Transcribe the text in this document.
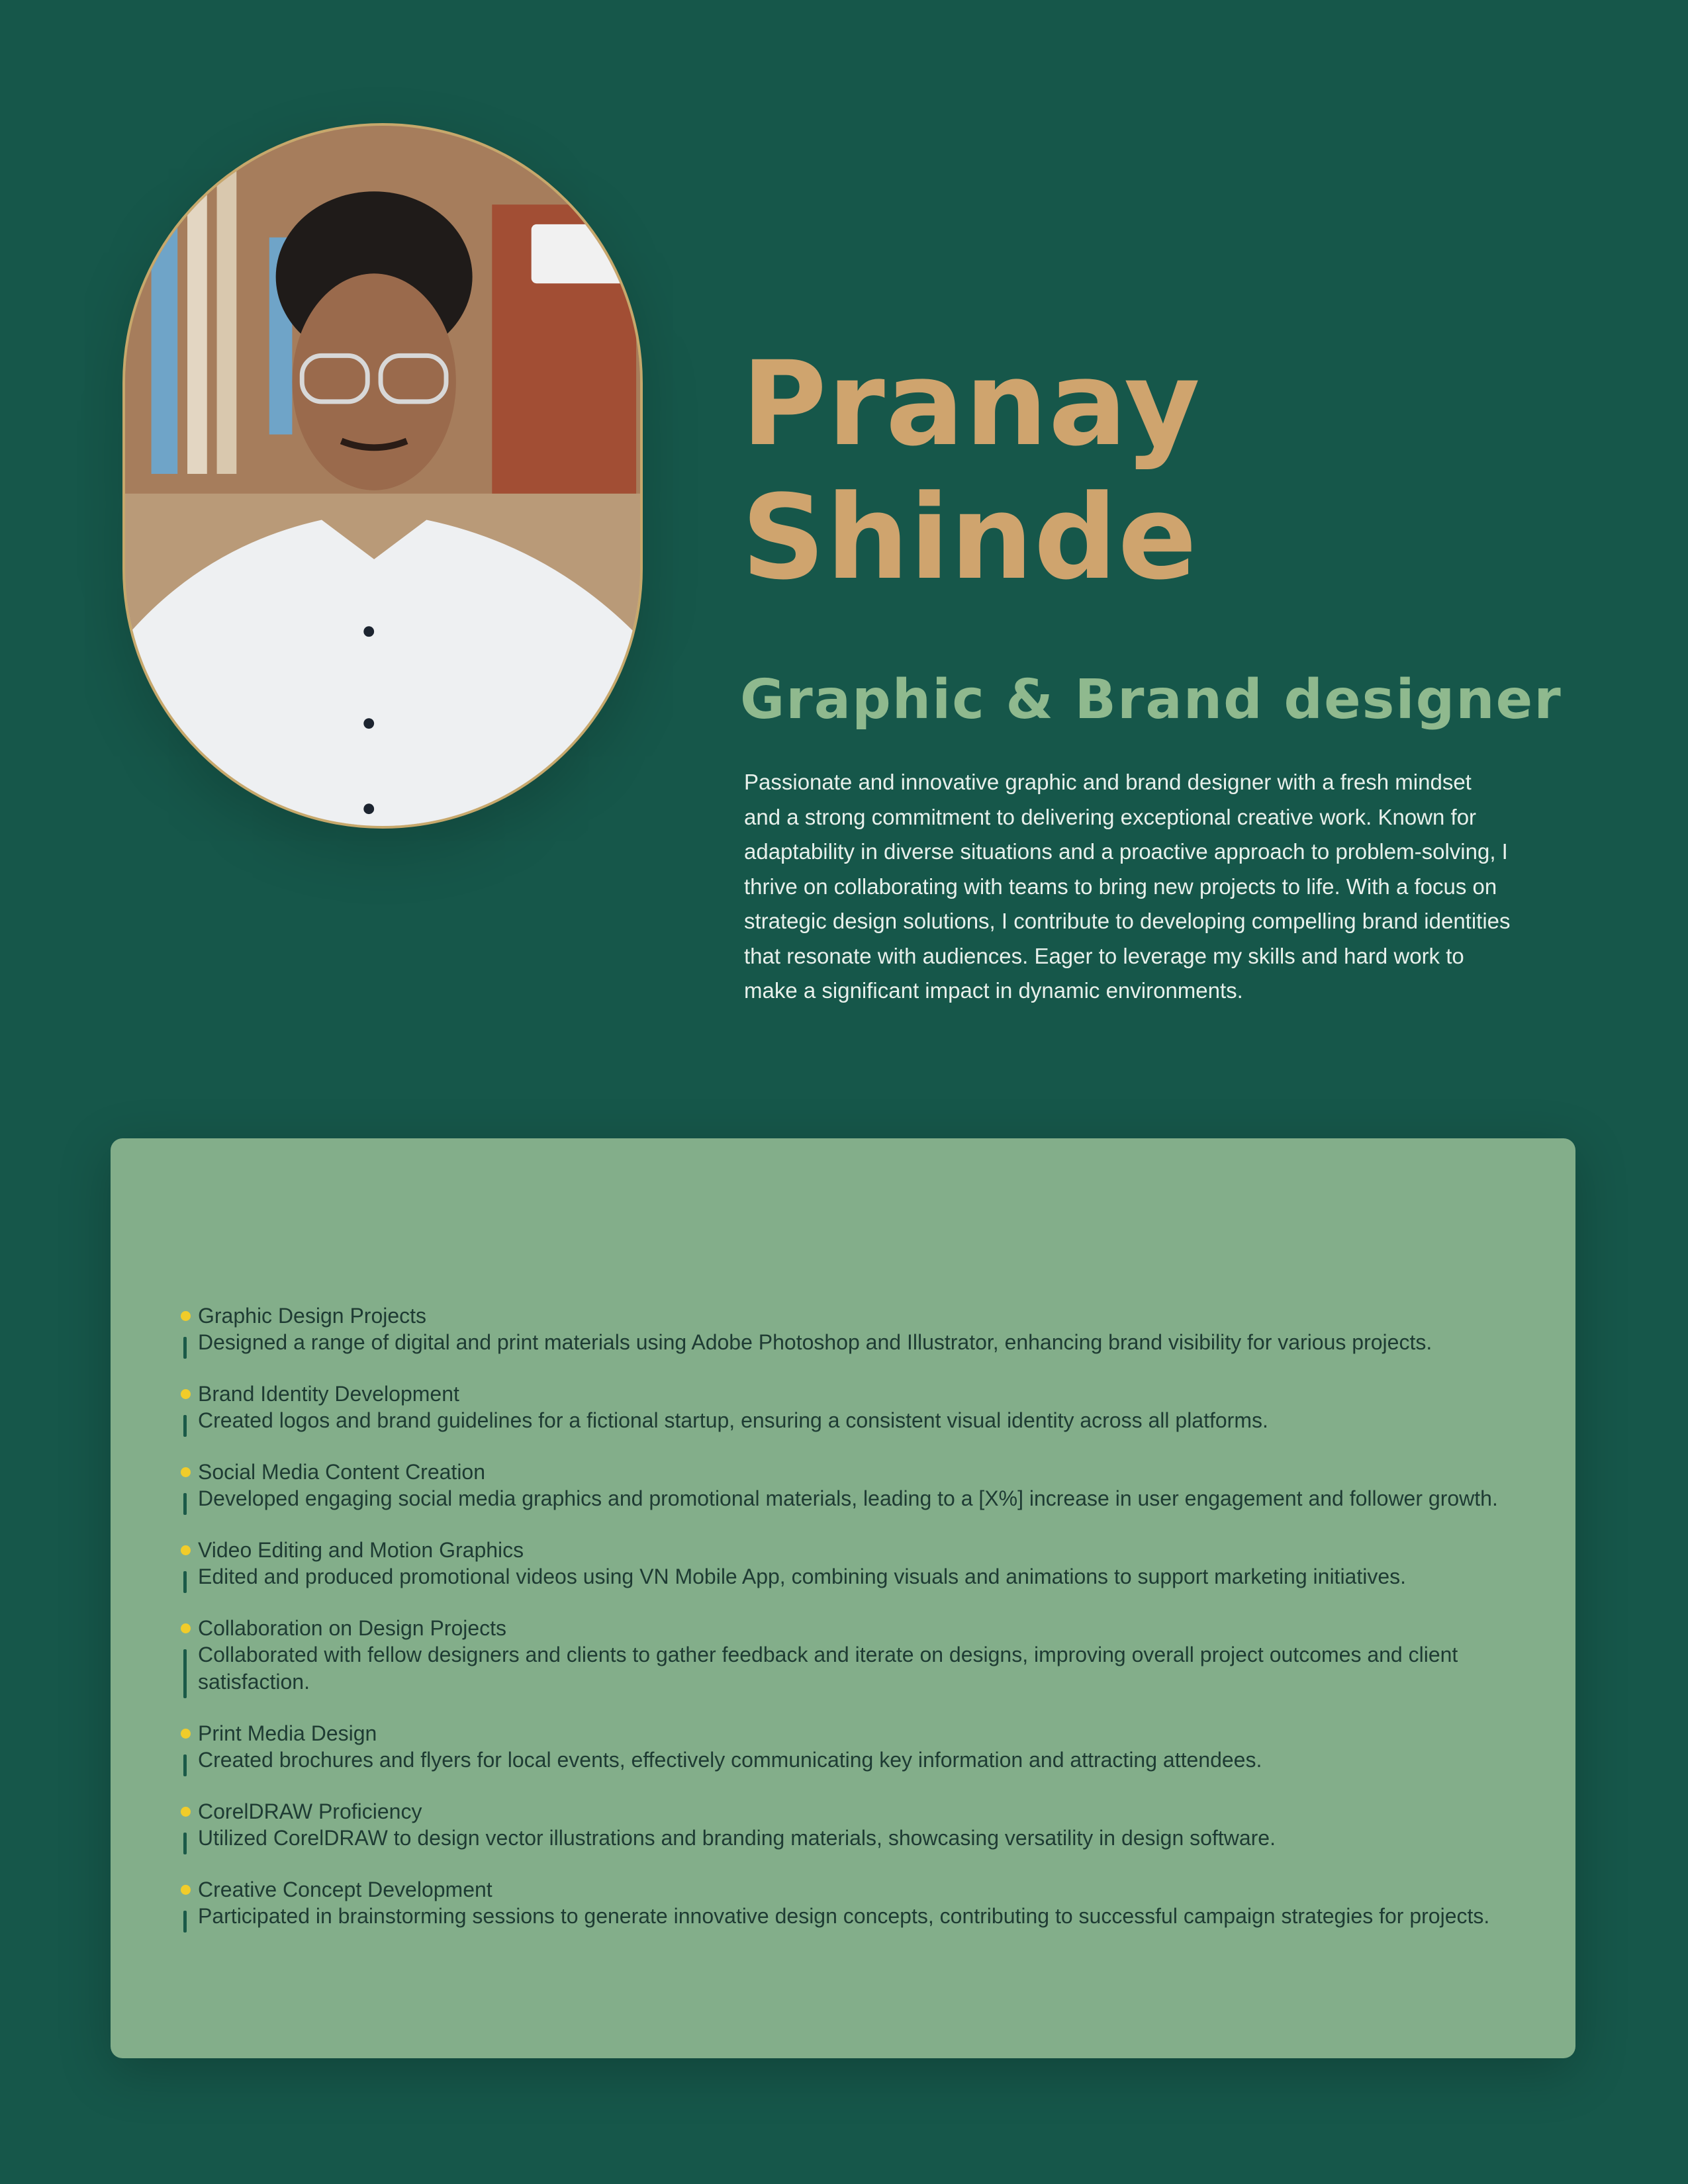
Pranay
Shinde
Graphic & Brand designer

Passionate and innovative graphic and brand designer with a fresh mindset and a strong commitment to delivering exceptional creative work. Known for adaptability in diverse situations and a proactive approach to problem-solving, I thrive on collaborating with teams to bring new projects to life. With a focus on strategic design solutions, I contribute to developing compelling brand identities that resonate with audiences. Eager to leverage my skills and hard work to make a significant impact in dynamic environments.

Graphic Design Projects
Designed a range of digital and print materials using Adobe Photoshop and Illustrator, enhancing brand visibility for various projects.
Brand Identity Development
Created logos and brand guidelines for a fictional startup, ensuring a consistent visual identity across all platforms.
Social Media Content Creation
Developed engaging social media graphics and promotional materials, leading to a [X%] increase in user engagement and follower growth.
Video Editing and Motion Graphics
Edited and produced promotional videos using VN Mobile App, combining visuals and animations to support marketing initiatives.
Collaboration on Design Projects
Collaborated with fellow designers and clients to gather feedback and iterate on designs, improving overall project outcomes and client satisfaction.
Print Media Design
Created brochures and flyers for local events, effectively communicating key information and attracting attendees.
CorelDRAW Proficiency
Utilized CorelDRAW to design vector illustrations and branding materials, showcasing versatility in design software.
Creative Concept Development
Participated in brainstorming sessions to generate innovative design concepts, contributing to successful campaign strategies for projects.
